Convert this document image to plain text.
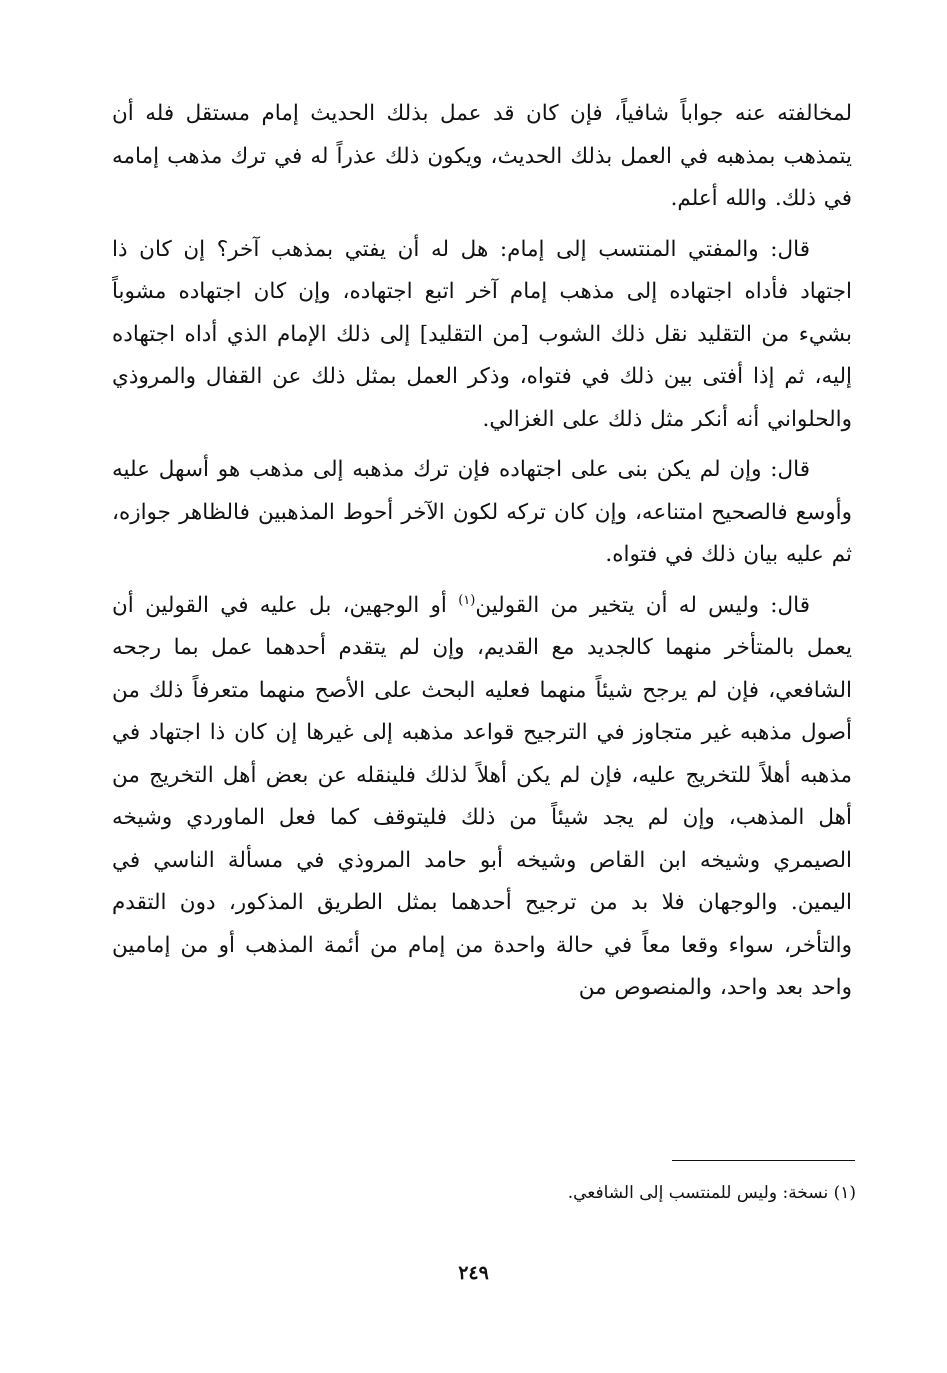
لمخالفته عنه جواباً شافياً، فإن كان قد عمل بذلك الحديث إمام مستقل فله أن يتمذهب بمذهبه في العمل بذلك الحديث، ويكون ذلك عذراً له في ترك مذهب إمامه في ذلك. والله أعلم.

قال: والمفتي المنتسب إلى إمام: هل له أن يفتي بمذهب آخر؟ إن كان ذا اجتهاد فأداه اجتهاده إلى مذهب إمام آخر اتبع اجتهاده، وإن كان اجتهاده مشوباً بشيء من التقليد نقل ذلك الشوب [من التقليد] إلى ذلك الإمام الذي أداه اجتهاده إليه، ثم إذا أفتى بين ذلك في فتواه، وذكر العمل بمثل ذلك عن القفال والمروذي والحلواني أنه أنكر مثل ذلك على الغزالي.

قال: وإن لم يكن بنى على اجتهاده فإن ترك مذهبه إلى مذهب هو أسهل عليه وأوسع فالصحيح امتناعه، وإن كان تركه لكون الآخر أحوط المذهبين فالظاهر جوازه، ثم عليه بيان ذلك في فتواه.

قال: وليس له أن يتخير من القولين$^{(١)}$ أو الوجهين، بل عليه في القولين أن يعمل بالمتأخر منهما كالجديد مع القديم، وإن لم يتقدم أحدهما عمل بما رجحه الشافعي، فإن لم يرجح شيئاً منهما فعليه البحث على الأصح منهما متعرفاً ذلك من أصول مذهبه غير متجاوز في الترجيح قواعد مذهبه إلى غيرها إن كان ذا اجتهاد في مذهبه أهلاً للتخريج عليه، فإن لم يكن أهلاً لذلك فلينقله عن بعض أهل التخريج من أهل المذهب، وإن لم يجد شيئاً من ذلك فليتوقف كما فعل الماوردي وشيخه الصيمري وشيخه ابن القاص وشيخه أبو حامد المروذي في مسألة الناسي في اليمين. والوجهان فلا بد من ترجيح أحدهما بمثل الطريق المذكور، دون التقدم والتأخر، سواء وقعا معاً في حالة واحدة من إمام من أئمة المذهب أو من إمامين واحد بعد واحد، والمنصوص من

(١) نسخة: وليس للمنتسب إلى الشافعي.
٢٤٩
